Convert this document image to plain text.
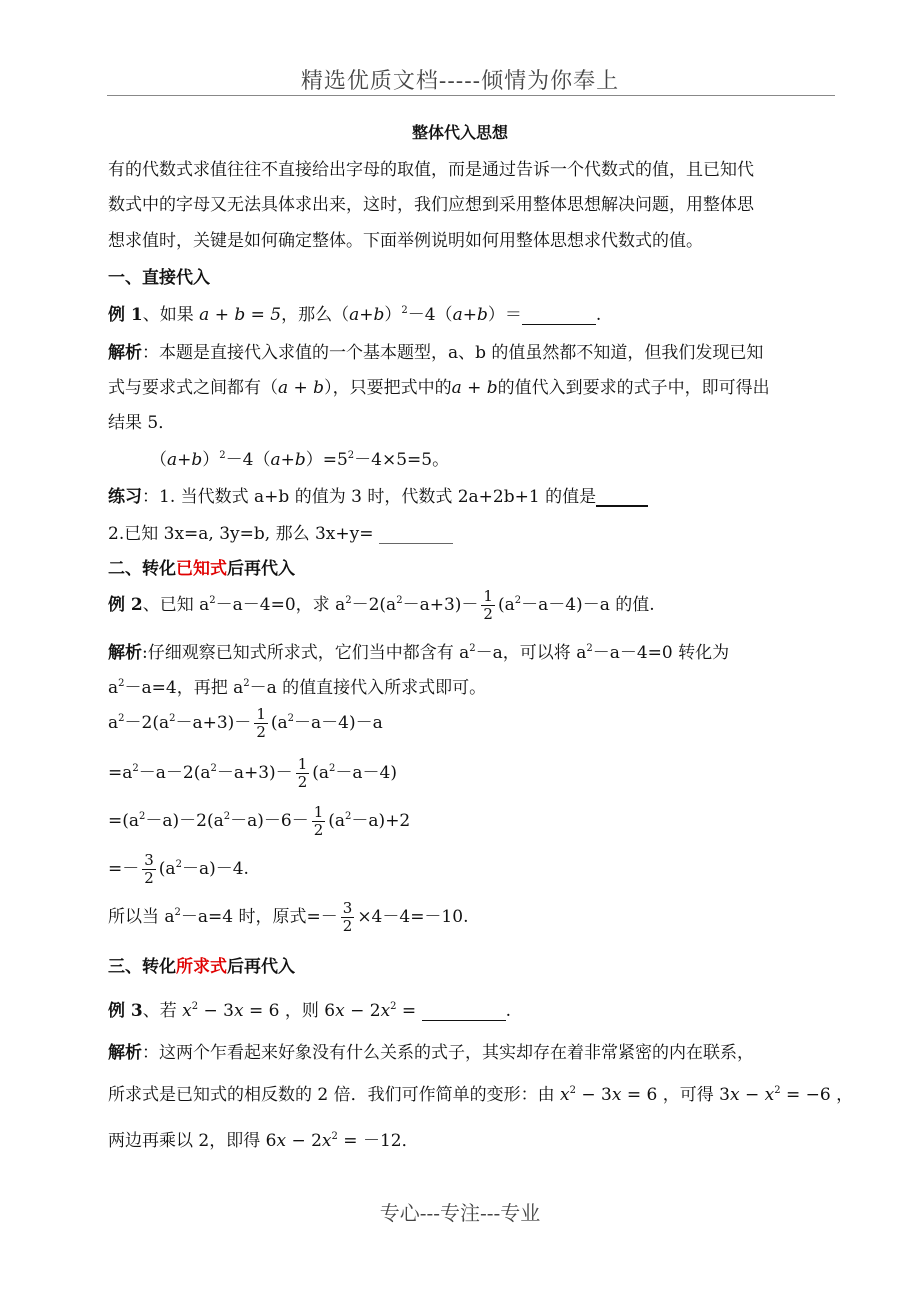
精选优质文档-----倾情为你奉上
整体代入思想
有的代数式求值往往不直接给出字母的取值，而是通过告诉一个代数式的值，且已知代
数式中的字母又无法具体求出来，这时，我们应想到采用整体思想解决问题，用整体思
想求值时，关键是如何确定整体。下面举例说明如何用整体思想求代数式的值。
一、直接代入
例 1、如果 a + b = 5，那么$(a+b)^2-4(a+b)=$	.
解析：本题是直接代入求值的一个基本题型，a、b 的值虽然都不知道，但我们发现已知
式与要求式之间都有（a + b），只要把式中的a + b的值代入到要求的式子中，即可得出
结果 5．
$(a+b)^2-4(a+b)=5^2-4\times 5=5$。
练习：1. 当代数式 a+b 的值为 3 时，代数式 2a+2b+1 的值是
2.已知 3x=a, 3y=b, 那么 3x+y=
二、转化已知式后再代入
例 2、已知 $a^2-a-4=0$，求 $a^2-2(a^2-a+3)- \frac{1}{2} (a^2-a-4)-a$ 的值.
解析:仔细观察已知式所求式，它们当中都含有 $a^2-a$，可以将 $a^2-a-4=0$ 转化为
$a^2-a=4$，再把 $a^2-a$ 的值直接代入所求式即可。
$a^2-2(a^2-a+3)- \frac{1}{2} (a^2-a-4)-a$
$=a^2-a-2(a^2-a+3)- \frac{1}{2} (a^2-a-4)$
$=(a^2-a)-2(a^2-a)-6- \frac{1}{2} (a^2-a)+2$
=－ $\frac{3}{2} (a^2-a)-4$.
所以当 $a^2-a=4$ 时，原式=－ $\frac{3}{2} \times 4-4=-10$.
三、转化所求式后再代入
例 3、若 $x^2 - 3x = 6$ ，则 $6x - 2x^2$ =	.
解析：这两个乍看起来好象没有什么关系的式子，其实却存在着非常紧密的内在联系，
所求式是已知式的相反数的 2 倍．我们可作简单的变形：由 $x^2 - 3x = 6$ ，可得 $3x - x^2 = -6$ ，
两边再乘以 2，即得 $6x - 2x^2 = -12$．
专心---专注---专业
